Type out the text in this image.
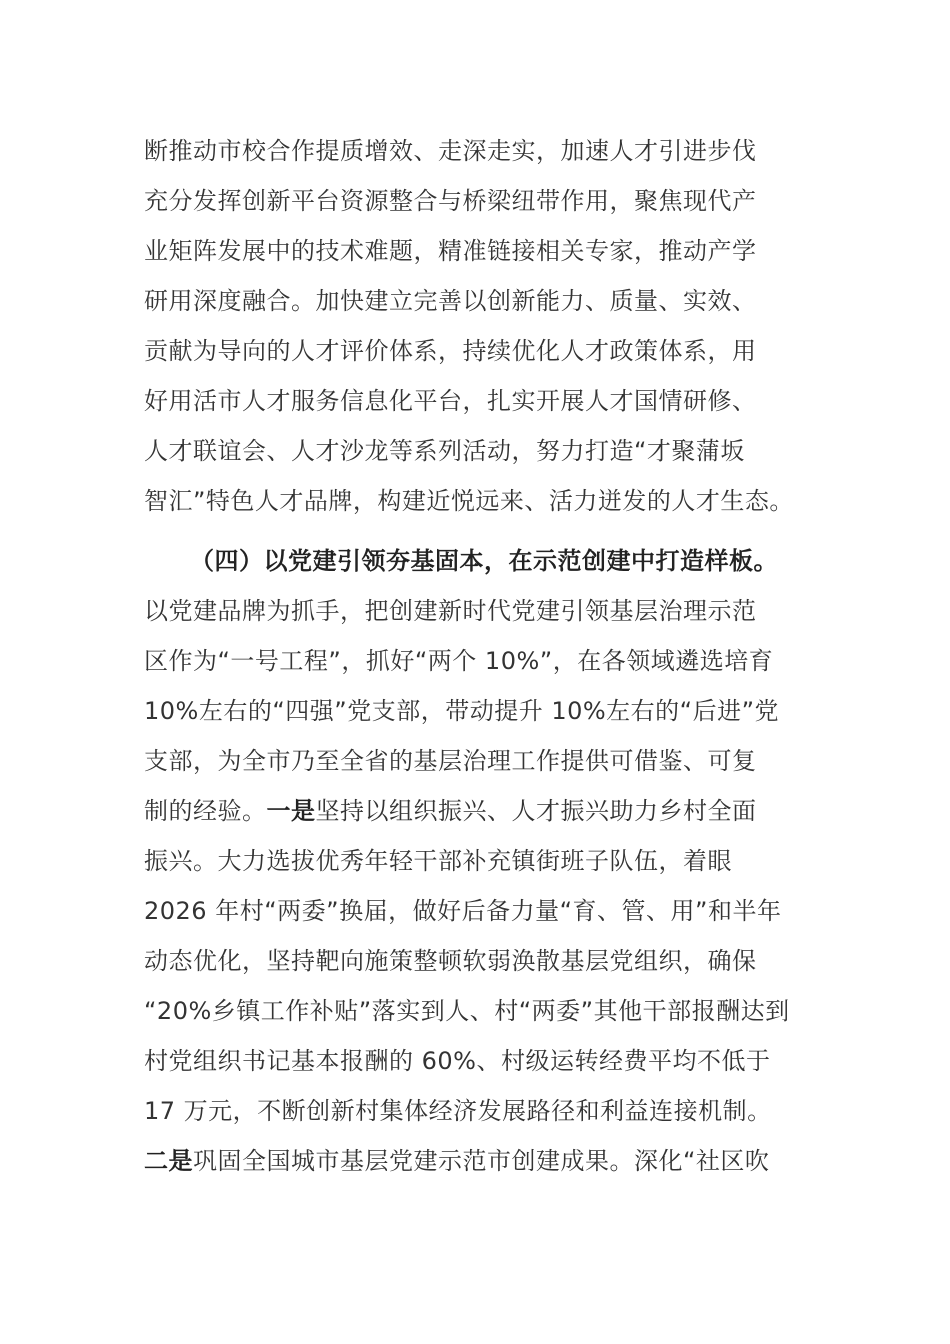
断推动市校合作提质增效、走深走实，加速人才引进步伐
充分发挥创新平台资源整合与桥梁纽带作用，聚焦现代产
业矩阵发展中的技术难题，精准链接相关专家，推动产学
研用深度融合。加快建立完善以创新能力、质量、实效、
贡献为导向的人才评价体系，持续优化人才政策体系，用
好用活市人才服务信息化平台，扎实开展人才国情研修、
人才联谊会、人才沙龙等系列活动，努力打造“才聚蒲坂
智汇”特色人才品牌，构建近悦远来、活力迸发的人才生态。
（四）以党建引领夯基固本，在示范创建中打造样板。
以党建品牌为抓手，把创建新时代党建引领基层治理示范
区作为“一号工程”，抓好“两个 10%”，在各领域遴选培育
10%左右的“四强”党支部，带动提升 10%左右的“后进”党
支部，为全市乃至全省的基层治理工作提供可借鉴、可复
制的经验。一是坚持以组织振兴、人才振兴助力乡村全面
振兴。大力选拔优秀年轻干部补充镇街班子队伍，着眼
2026 年村“两委”换届，做好后备力量“育、管、用”和半年
动态优化，坚持靶向施策整顿软弱涣散基层党组织，确保
“20%乡镇工作补贴”落实到人、村“两委”其他干部报酬达到
村党组织书记基本报酬的 60%、村级运转经费平均不低于
17 万元，不断创新村集体经济发展路径和利益连接机制。
二是巩固全国城市基层党建示范市创建成果。深化“社区吹
